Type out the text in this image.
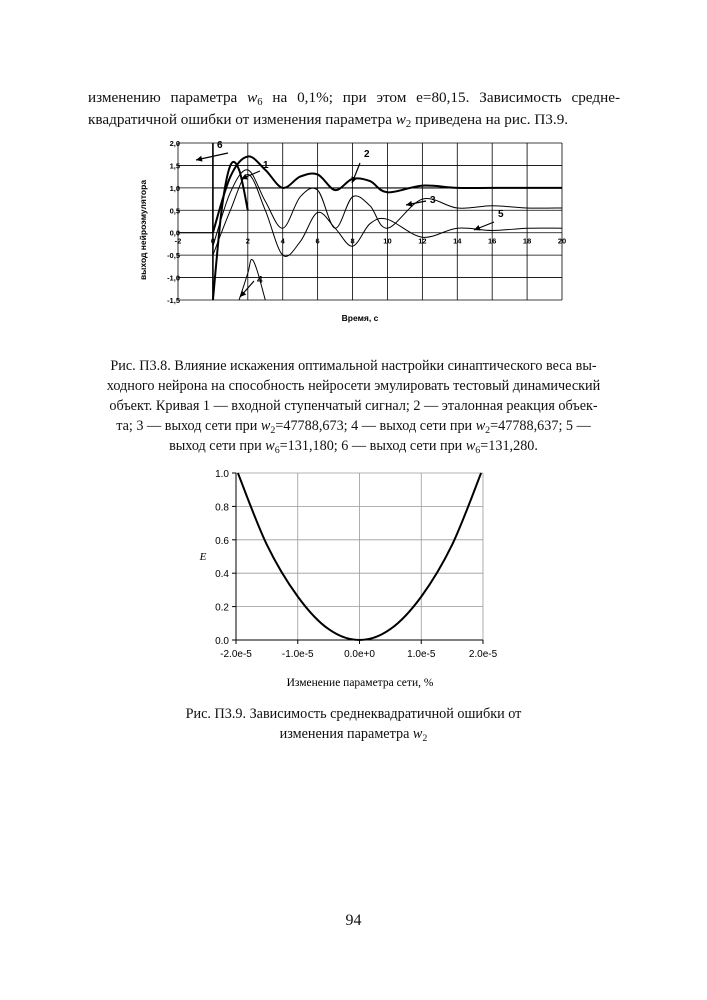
изменению параметра $w_6$ на 0,1%; при этом e=80,15. Зависимость средне-
квадратичной ошибки от изменения параметра $w_2$ приведена на рис. П3.9.
-2	0	2	4	6	8	10	12	14	16	18	20
2,0
1,5
1,0
0,5
0,0
-0,5
-1,0
-1,5
6
1
2
3
5
4
выход нейроэмулятора
Время, с
Рис. П3.8. Влияние искажения оптимальной настройки синаптического веса вы-
ходного нейрона на способность нейросети эмулировать тестовый динамический
объект. Кривая 1 — входной ступенчатый сигнал; 2 — эталонная реакция объек-
та; 3 — выход сети при $w_2=47788,673$; 4 — выход сети при $w_2=47788,637$; 5 —
выход сети при $w_6=131,180$; 6 — выход сети при $w_6=131,280$.
-2.0e-5	-1.0e-5	0.0e+0	1.0e-5	2.0e-5
0.0
0.2
0.4
0.6
0.8
1.0
E
Изменение параметра сети, %
Рис. П3.9. Зависимость среднеквадратичной ошибки от
изменения параметра $w_2$
94
